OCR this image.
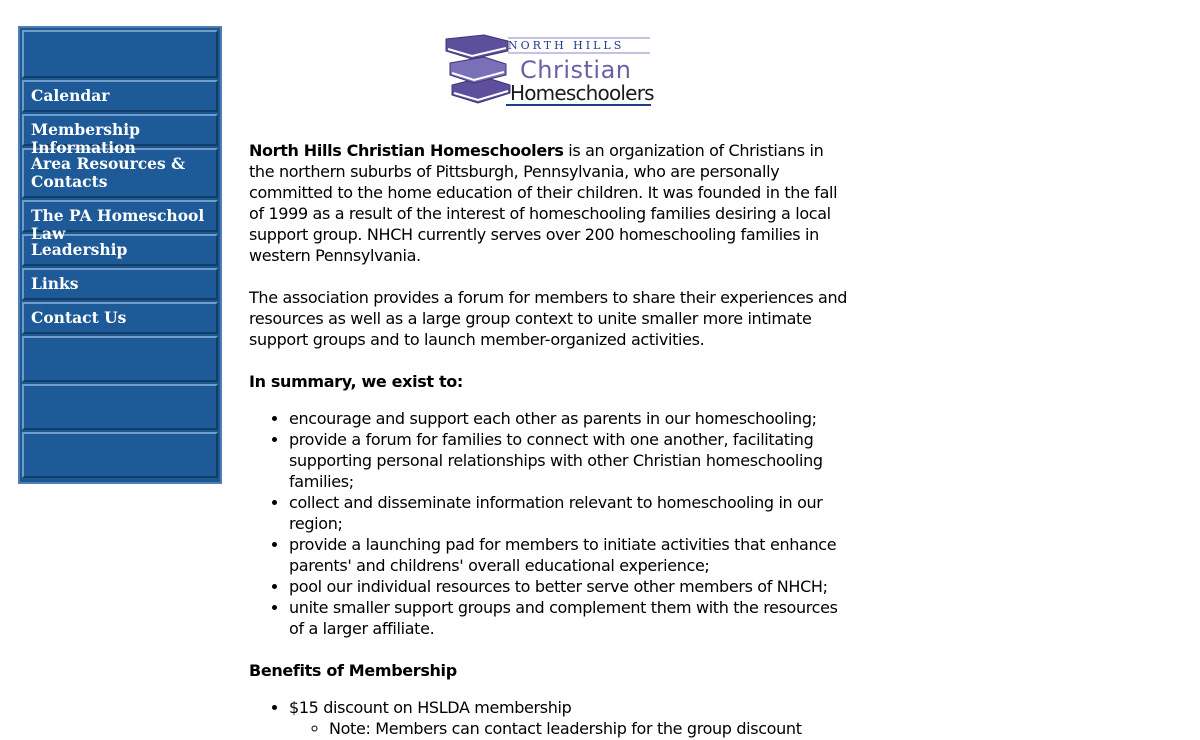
Calendar
Membership Information
Area Resources & Contacts
The PA Homeschool Law
Leadership
Links
Contact Us
NORTH HILLS
Christian
Homeschoolers

North Hills Christian Homeschoolers is an organization of Christians in the northern suburbs of Pittsburgh, Pennsylvania, who are personally committed to the home education of their children. It was founded in the fall of 1999 as a result of the interest of homeschooling families desiring a local support group. NHCH currently serves over 200 homeschooling families in western Pennsylvania.

The association provides a forum for members to share their experiences and resources as well as a large group context to unite smaller more intimate support groups and to launch member-organized activities.

In summary, we exist to:
• encourage and support each other as parents in our homeschooling;
• provide a forum for families to connect with one another, facilitating supporting personal relationships with other Christian homeschooling families;
• collect and disseminate information relevant to homeschooling in our region;
• provide a launching pad for members to initiate activities that enhance parents' and childrens' overall educational experience;
• pool our individual resources to better serve other members of NHCH;
• unite smaller support groups and complement them with the resources of a larger affiliate.
Benefits of Membership
• $15 discount on HSLDA membership
◦ Note: Members can contact leadership for the group discount
